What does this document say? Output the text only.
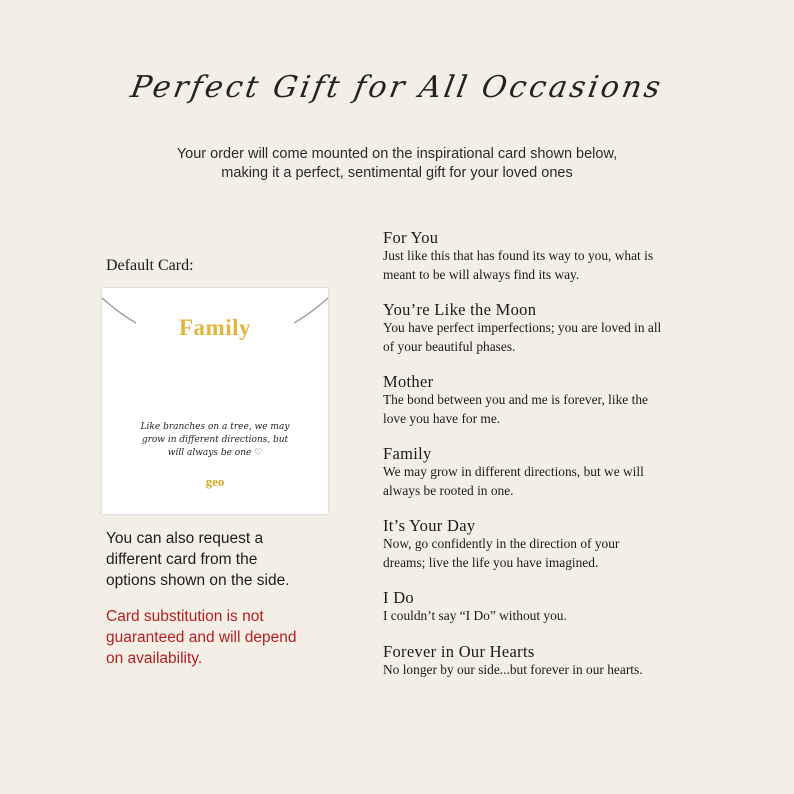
Perfect Gift for All Occasions
Your order will come mounted on the inspirational card shown below,
making it a perfect, sentimental gift for your loved ones
Default Card:
Family
Like branches on a tree, we may
grow in different directions, but
will always be one ♡
geo
You can also request a
different card from the
options shown on the side.
Card substitution is not
guaranteed and will depend
on availability.
For You
Just like this that has found its way to you, what is
meant to be will always find its way.
You’re Like the Moon
You have perfect imperfections; you are loved in all
of your beautiful phases.
Mother
The bond between you and me is forever, like the
love you have for me.
Family
We may grow in different directions, but we will
always be rooted in one.
It’s Your Day
Now, go confidently in the direction of your
dreams; live the life you have imagined.
I Do
I couldn’t say “I Do” without you.
Forever in Our Hearts
No longer by our side...but forever in our hearts.
